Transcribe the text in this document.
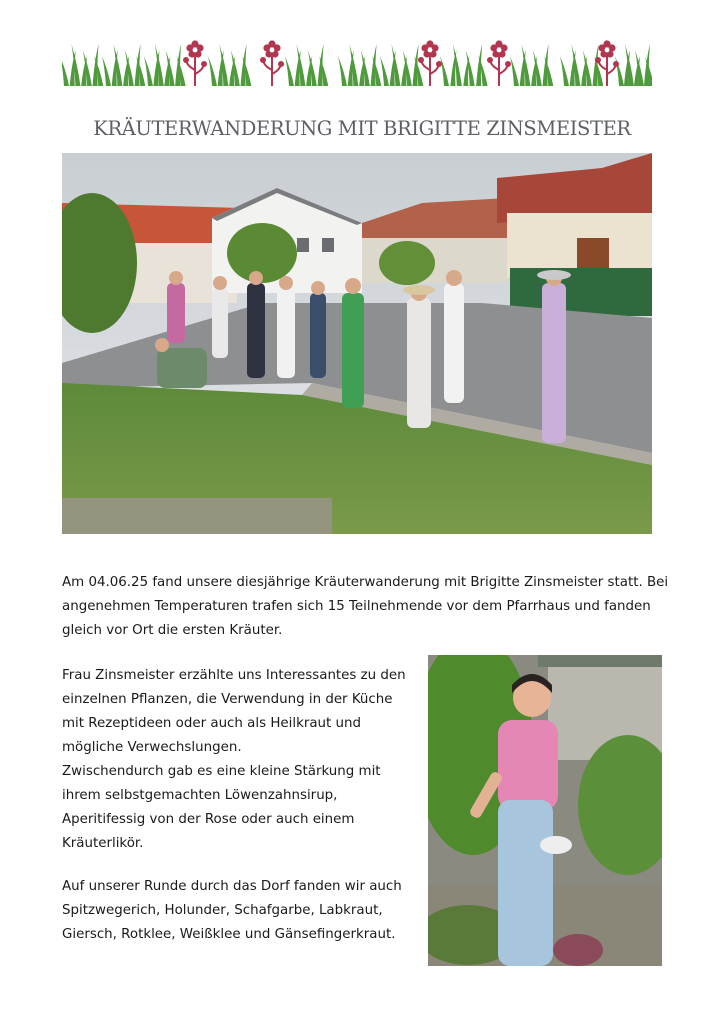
KRÄUTERWANDERUNG MIT BRIGITTE ZINSMEISTER

Am 04.06.25 fand unsere diesjährige Kräuterwanderung mit Brigitte Zinsmeister statt. Bei
angenehmen Temperaturen trafen sich 15 Teilnehmende vor dem Pfarrhaus und fanden
gleich vor Ort die ersten Kräuter.

Frau Zinsmeister erzählte uns Interessantes zu den
einzelnen Pflanzen, die Verwendung in der Küche
mit Rezeptideen oder auch als Heilkraut und
mögliche Verwechslungen.
Zwischendurch gab es eine kleine Stärkung mit
ihrem selbstgemachten Löwenzahnsirup,
Aperitifessig von der Rose oder auch einem
Kräuterlikör.

Auf unserer Runde durch das Dorf fanden wir auch
Spitzwegerich, Holunder, Schafgarbe, Labkraut,
Giersch, Rotklee, Weißklee und Gänsefingerkraut.
